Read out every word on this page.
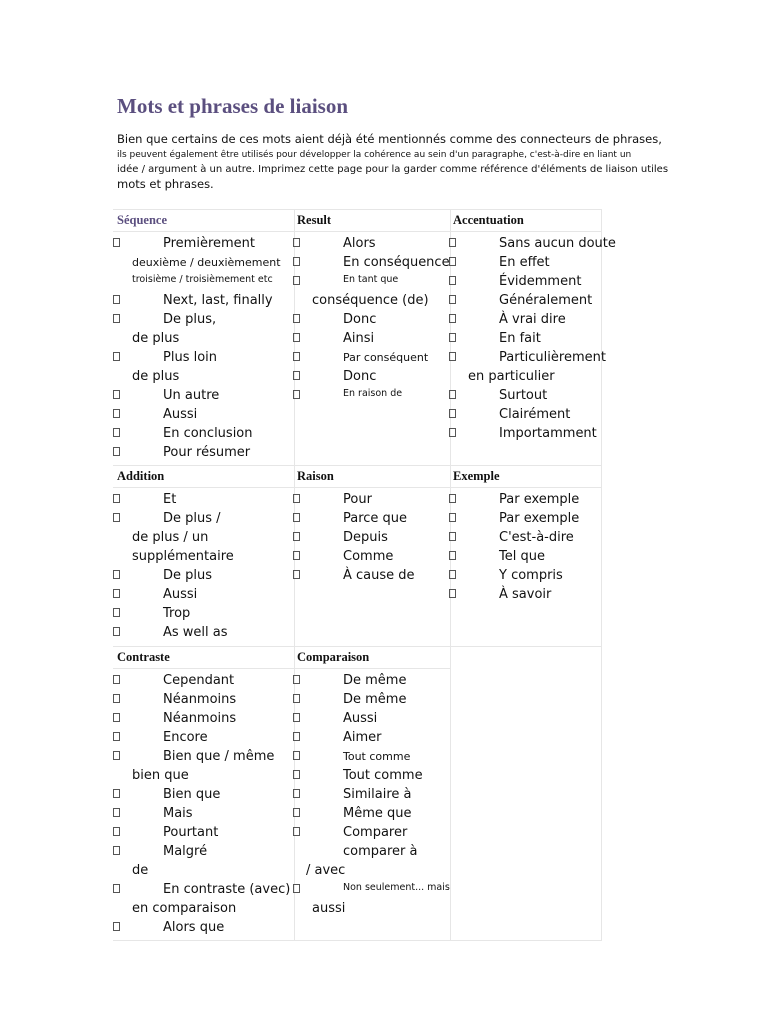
Mots et phrases de liaison
Bien que certains de ces mots aient déjà été mentionnés comme des connecteurs de phrases,
ils peuvent également être utilisés pour développer la cohérence au sein d'un paragraphe, c'est-à-dire en liant un
idée / argument à un autre. Imprimez cette page pour la garder comme référence d'éléments de liaison utiles
mots et phrases.
Séquence
Premièrement
deuxième / deuxièmement
troisième / troisièmement etc
Next, last, finally
De plus,
de plus
Plus loin
de plus
Un autre
Aussi
En conclusion
Pour résumer
Result
Alors
En conséquence
En tant que
conséquence (de)
Donc
Ainsi
Par conséquent
Donc
En raison de
Accentuation
Sans aucun doute
En effet
Évidemment
Généralement
À vrai dire
En fait
Particulièrement
en particulier
Surtout
Clairément
Importamment
Addition
Et
De plus /
de plus / un
supplémentaire
De plus
Aussi
Trop
As well as
Raison
Pour
Parce que
Depuis
Comme
À cause de
Exemple
Par exemple
Par exemple
C'est-à-dire
Tel que
Y compris
À savoir
Contraste
Cependant
Néanmoins
Néanmoins
Encore
Bien que / même
bien que
Bien que
Mais
Pourtant
Malgré
de
En contraste (avec)
en comparaison
Alors que
Comparaison
De même
De même
Aussi
Aimer
Tout comme
Tout comme
Similaire à
Même que
Comparer
comparer à
/ avec
Non seulement... mais
aussi
